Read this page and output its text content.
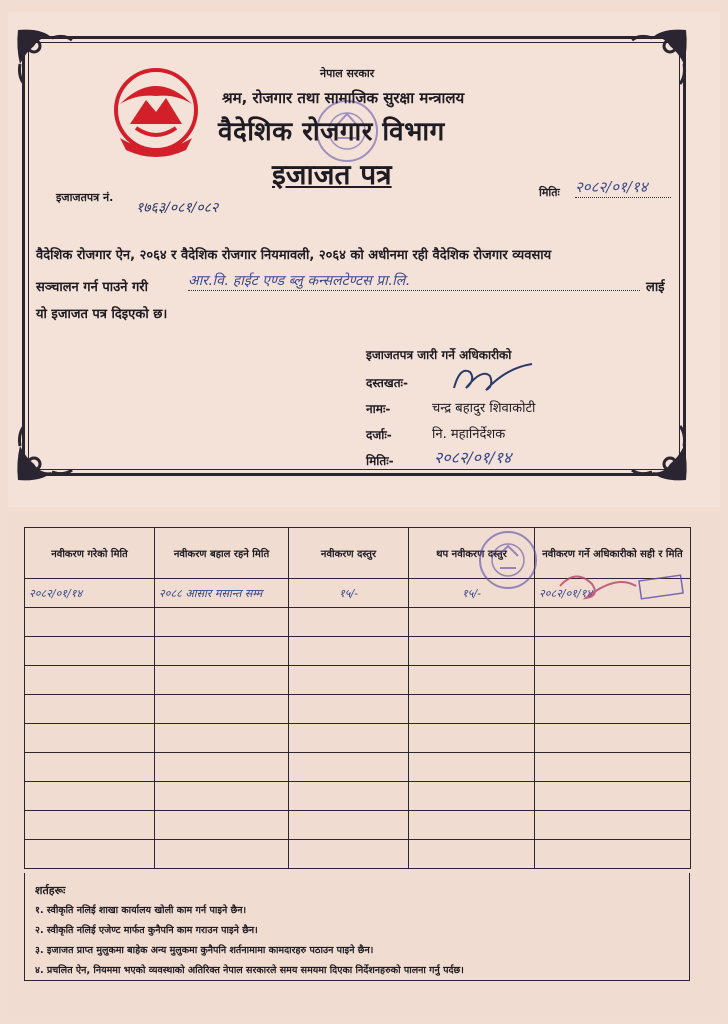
नेपाल सरकार
श्रम, रोजगार तथा सामाजिक सुरक्षा मन्त्रालय
वैदेशिक रोजगार विभाग
इजाजत पत्र
इजाजतपत्र नं.
१७६३/०८१/०८२
मितिः २०८२/०१/१४
वैदेशिक रोजगार ऐन, २०६४ र वैदेशिक रोजगार नियमावली, २०६४ को अधीनमा रही वैदेशिक रोजगार व्यवसाय
सञ्चालन गर्न पाउने गरी	आर.वि. हाईट एण्ड ब्लु कन्सलटेण्टस प्रा.लि.	लाई
यो इजाजत पत्र दिइएको छ।
इजाजतपत्र जारी गर्ने अधिकारीको
दस्तखतः-
नामः-	चन्द्र बहादुर शिवाकोटी
दर्जाः-	नि. महानिर्देशक
मितिः-	२०८२/०१/१४
नवीकरण गरेको मिति	नवीकरण बहाल रहने मिति	नवीकरण दस्तुर	थप नवीकरण दस्तुर	नवीकरण गर्ने अधिकारीको सही र मिति
२०८२/०१/१४	२०८८ आसार मसान्त सम्म	१५/-	१५/-	२०८२/०१/१४

शर्तहरूः
१. स्वीकृति नलिई शाखा कार्यालय खोली काम गर्न पाइने छैन।
२. स्वीकृति नलिई एजेण्ट मार्फत कुनैपनि काम गराउन पाइने छैन।
३. इजाजत प्राप्त मुलुकमा बाहेक अन्य मुलुकमा कुनैपनि शर्तनामामा कामदारहरु पठाउन पाइने छैन।
४. प्रचलित ऐन, नियममा भएको व्यवस्थाको अतिरिक्त नेपाल सरकारले समय समयमा दिएका निर्देशनहरुको पालना गर्नु पर्दछ।
